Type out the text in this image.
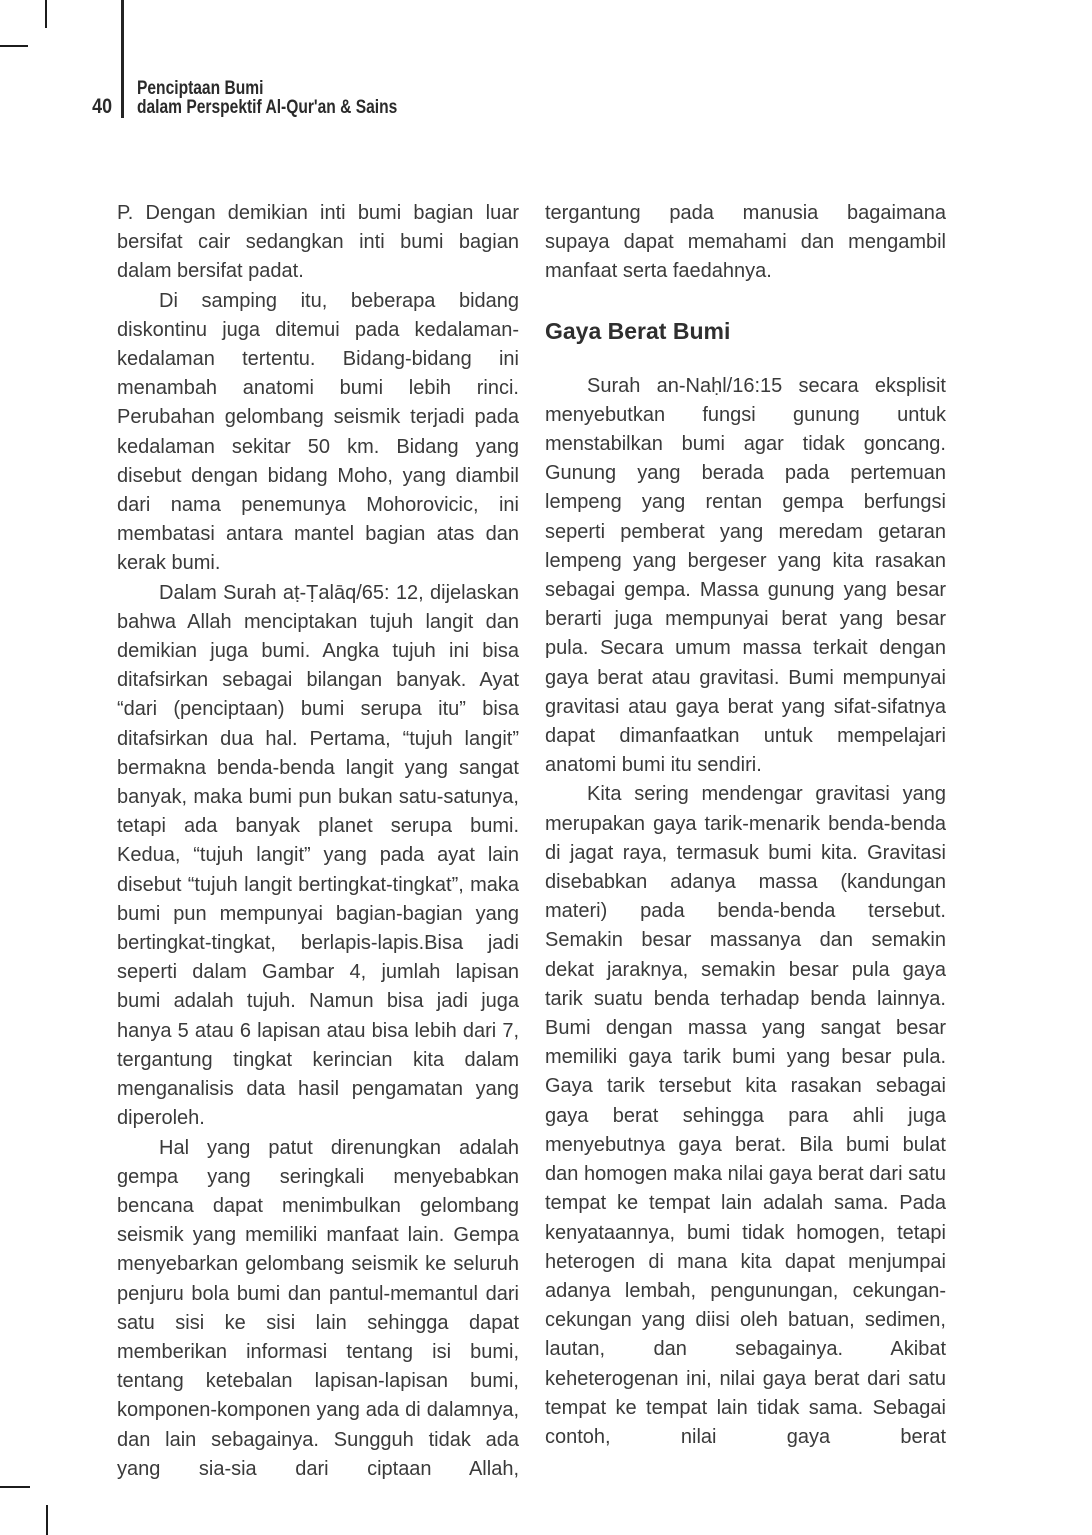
40
Penciptaan Bumi
dalam Perspektif Al-Qur'an & Sains

P. Dengan demikian inti bumi bagian luar bersifat cair sedangkan inti bumi bagian dalam bersifat padat.

Di samping itu, beberapa bidang diskontinu juga ditemui pada kedalaman-kedalaman tertentu. Bidang-bidang ini menambah anatomi bumi lebih rinci. Perubahan gelombang seismik terjadi pada kedalaman sekitar 50 km. Bidang yang disebut dengan bidang Moho, yang diambil dari nama penemunya Mohorovicic, ini membatasi antara mantel bagian atas dan kerak bumi.

Dalam Surah aṭ-Ṭalāq/65: 12, dijelaskan bahwa Allah menciptakan tujuh langit dan demikian juga bumi. Angka tujuh ini bisa ditafsirkan sebagai bilangan banyak. Ayat “dari (penciptaan) bumi serupa itu” bisa ditafsirkan dua hal. Pertama, “tujuh langit” bermakna benda-benda langit yang sangat banyak, maka bumi pun bukan satu-satunya, tetapi ada banyak planet serupa bumi. Kedua, “tujuh langit” yang pada ayat lain disebut “tujuh langit bertingkat-tingkat”, maka bumi pun mempunyai bagian-bagian yang bertingkat-tingkat, berlapis-lapis.Bisa jadi seperti dalam Gambar 4, jumlah lapisan bumi adalah tujuh. Namun bisa jadi juga hanya 5 atau 6 lapisan atau bisa lebih dari 7, tergantung tingkat kerincian kita dalam menganalisis data hasil pengamatan yang diperoleh.

Hal yang patut direnungkan adalah gempa yang seringkali menyebabkan bencana dapat menimbulkan gelombang seismik yang memiliki manfaat lain. Gempa menyebarkan gelombang seismik ke seluruh penjuru bola bumi dan pantul-memantul dari satu sisi ke sisi lain sehingga dapat memberikan informasi tentang isi bumi, tentang ketebalan lapisan-lapisan bumi, komponen-komponen yang ada di dalamnya, dan lain sebagainya. Sungguh tidak ada yang sia-sia dari ciptaan Allah,

tergantung pada manusia bagaimana supaya dapat memahami dan mengambil manfaat serta faedahnya.

Gaya Berat Bumi

Surah an-Naḥl/16:15 secara eksplisit menyebutkan fungsi gunung untuk menstabilkan bumi agar tidak goncang. Gunung yang berada pada pertemuan lempeng yang rentan gempa berfungsi seperti pemberat yang meredam getaran lempeng yang bergeser yang kita rasakan sebagai gempa. Massa gunung yang besar berarti juga mempunyai berat yang besar pula. Secara umum massa terkait dengan gaya berat atau gravitasi. Bumi mempunyai gravitasi atau gaya berat yang sifat-sifatnya dapat dimanfaatkan untuk mempelajari anatomi bumi itu sendiri.

Kita sering mendengar gravitasi yang merupakan gaya tarik-menarik benda-benda di jagat raya, termasuk bumi kita. Gravitasi disebabkan adanya massa (kandungan materi) pada benda-benda tersebut. Semakin besar massanya dan semakin dekat jaraknya, semakin besar pula gaya tarik suatu benda terhadap benda lainnya. Bumi dengan massa yang sangat besar memiliki gaya tarik bumi yang besar pula. Gaya tarik tersebut kita rasakan sebagai gaya berat sehingga para ahli juga menyebutnya gaya berat. Bila bumi bulat dan homogen maka nilai gaya berat dari satu tempat ke tempat lain adalah sama. Pada kenyataannya, bumi tidak homogen, tetapi heterogen di mana kita dapat menjumpai adanya lembah, pengunungan, cekungan-cekungan yang diisi oleh batuan, sedimen, lautan, dan sebagainya. Akibat keheterogenan ini, nilai gaya berat dari satu tempat ke tempat lain tidak sama. Sebagai contoh, nilai gaya berat
